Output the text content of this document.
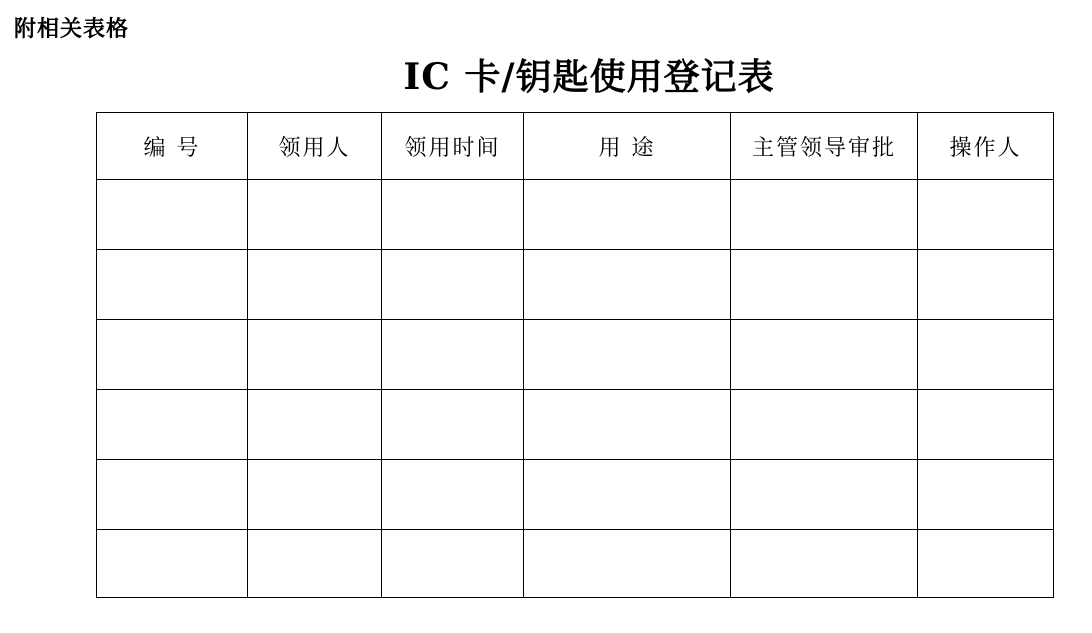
附相关表格
IC 卡/钥匙使用登记表
编 号	领用人	领用时间	用 途	主管领导审批	操作人
